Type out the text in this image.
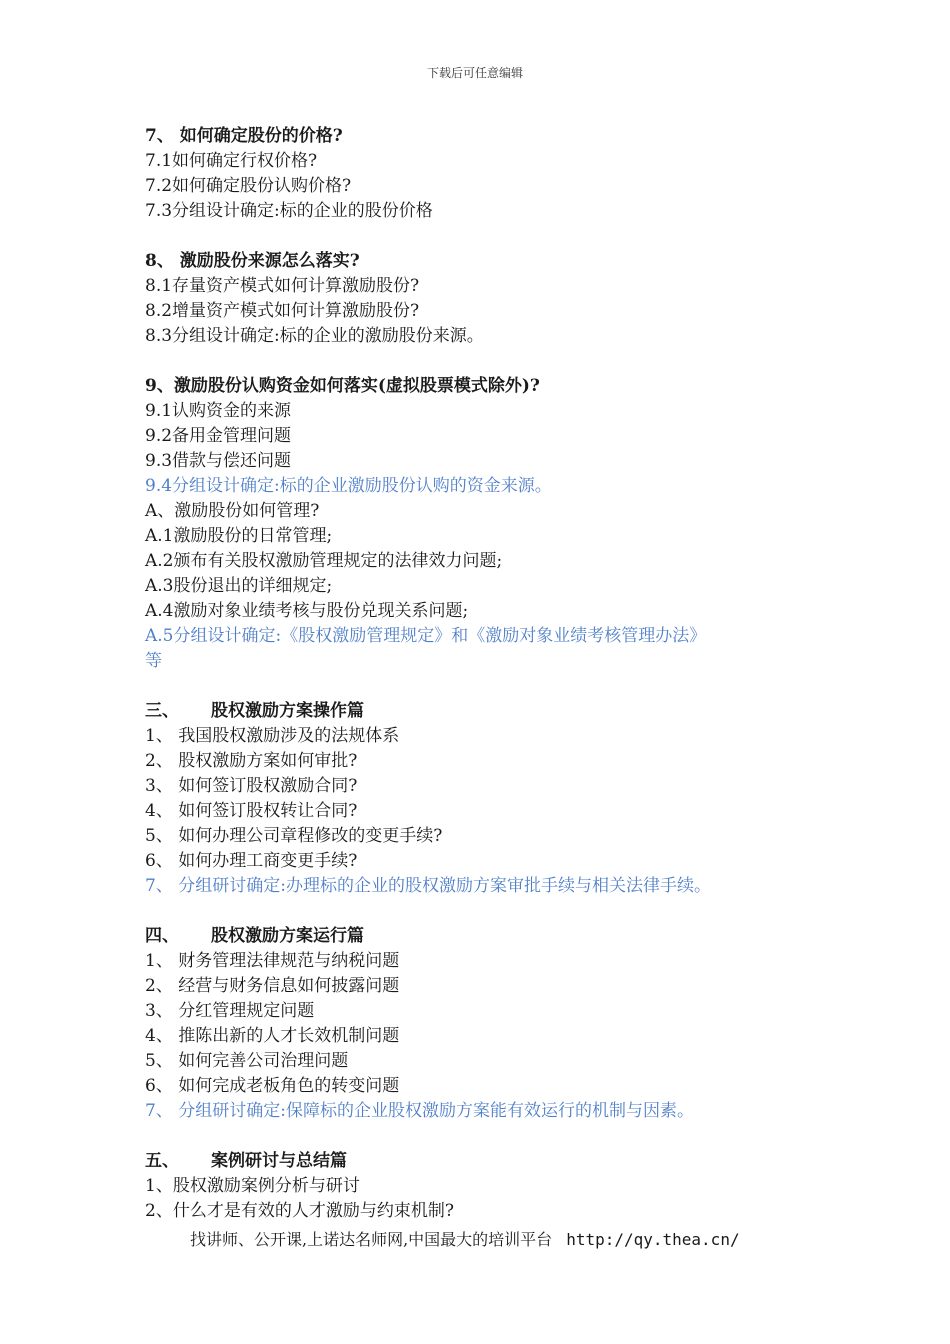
下载后可任意编辑
7、 如何确定股份的价格?
7.1如何确定行权价格?
7.2如何确定股份认购价格?
7.3分组设计确定:标的企业的股份价格
8、 激励股份来源怎么落实?
8.1存量资产模式如何计算激励股份?
8.2增量资产模式如何计算激励股份?
8.3分组设计确定:标的企业的激励股份来源。
9、激励股份认购资金如何落实(虚拟股票模式除外)?
9.1认购资金的来源
9.2备用金管理问题
9.3借款与偿还问题
9.4分组设计确定:标的企业激励股份认购的资金来源。
A、激励股份如何管理?
A.1激励股份的日常管理;
A.2颁布有关股权激励管理规定的法律效力问题;
A.3股份退出的详细规定;
A.4激励对象业绩考核与股份兑现关系问题;
A.5分组设计确定:《股权激励管理规定》和《激励对象业绩考核管理办法》
等
三、 股权激励方案操作篇
1、 我国股权激励涉及的法规体系
2、 股权激励方案如何审批?
3、 如何签订股权激励合同?
4、 如何签订股权转让合同?
5、 如何办理公司章程修改的变更手续?
6、 如何办理工商变更手续?
7、 分组研讨确定:办理标的企业的股权激励方案审批手续与相关法律手续。
四、 股权激励方案运行篇
1、 财务管理法律规范与纳税问题
2、 经营与财务信息如何披露问题
3、 分红管理规定问题
4、 推陈出新的人才长效机制问题
5、 如何完善公司治理问题
6、 如何完成老板角色的转变问题
7、 分组研讨确定:保障标的企业股权激励方案能有效运行的机制与因素。
五、 案例研讨与总结篇
1、股权激励案例分析与研讨
2、什么才是有效的人才激励与约束机制?
找讲师、公开课,上诺达名师网,中国最大的培训平台 http://qy.thea.cn/
